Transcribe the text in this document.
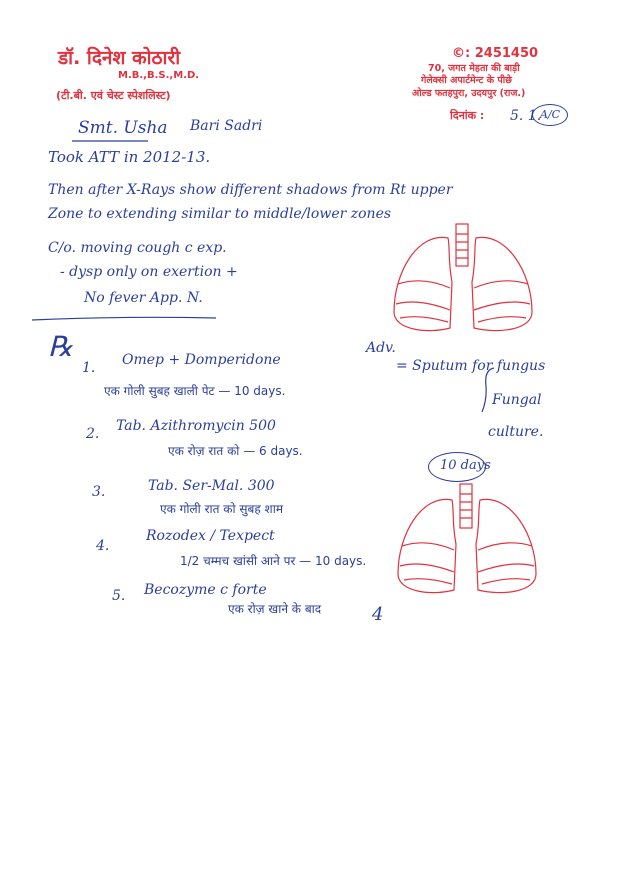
डॉ. दिनेश कोठारी
M.B.,B.S.,M.D.
(टी.बी. एवं चेस्ट स्पेशलिस्ट)
©: 2451450
70, जगत मेहता की बाड़ी
गेलेक्सी अपार्टमेन्ट के पीछे
ओल्ड फतहपुरा, उदयपुर (राज.)
दिनांक : 5. 1.
A/C
Smt. Usha Bari Sadri
Took ATT in 2012-13.
Then after X-Rays show different shadows from Rt upper
Zone to extending similar to middle/lower zones
C/o. moving cough c exp.
- dysp only on exertion +
No fever App. N.
℞
1. Omep + Domperidone
एक गोली सुबह खाली पेट — 10 days.
2. Tab. Azithromycin 500
एक रोज़ रात को — 6 days.
3.	Tab. Ser-Mal. 300
एक गोली रात को सुबह शाम
4.
Rozodex / Texpect
1/2 चम्मच खांसी आने पर — 10 days.
5. Becozyme c forte
एक रोज़ खाने के बाद
Adv.
= Sputum for fungus
Fungal
culture.
10 days
4
